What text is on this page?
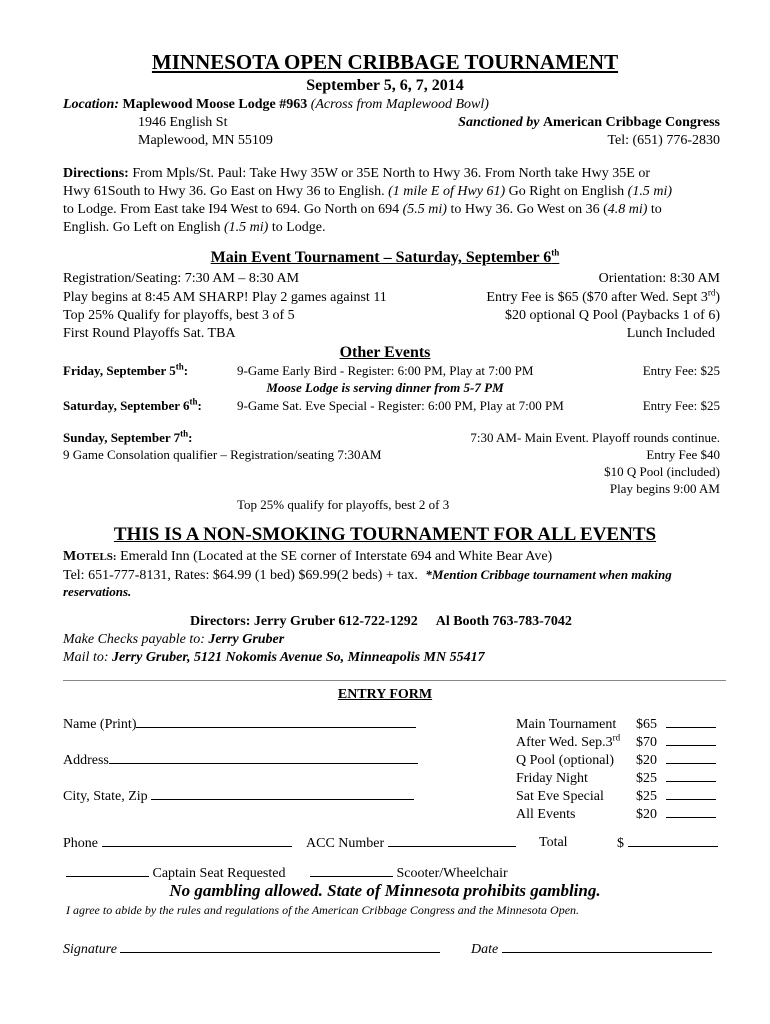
MINNESOTA OPEN CRIBBAGE TOURNAMENT
September 5, 6, 7, 2014
Location: Maplewood Moose Lodge #963 (Across from Maplewood Bowl)
1946 English St	Sanctioned by American Cribbage Congress
Maplewood, MN 55109	Tel: (651) 776-2830
Directions: From Mpls/St. Paul: Take Hwy 35W or 35E North to Hwy 36. From North take Hwy 35E or
Hwy 61South to Hwy 36. Go East on Hwy 36 to English. (1 mile E of Hwy 61) Go Right on English (1.5 mi)
to Lodge. From East take I94 West to 694. Go North on 694 (5.5 mi) to Hwy 36. Go West on 36 (4.8 mi) to
English. Go Left on English (1.5 mi) to Lodge.
Main Event Tournament – Saturday, September 6th
Registration/Seating: 7:30 AM – 8:30 AM	Orientation: 8:30 AM
Play begins at 8:45 AM SHARP! Play 2 games against 11	Entry Fee is $65 ($70 after Wed. Sept 3rd)
Top 25% Qualify for playoffs, best 3 of 5	$20 optional Q Pool (Paybacks 1 of 6)
First Round Playoffs Sat. TBA	Lunch Included
Other Events
Friday, September 5th:	9-Game Early Bird - Register: 6:00 PM, Play at 7:00 PM	Entry Fee: $25
Moose Lodge is serving dinner from 5-7 PM
Saturday, September 6th:	9-Game Sat. Eve Special - Register: 6:00 PM, Play at 7:00 PM	Entry Fee: $25
Sunday, September 7th:	7:30 AM- Main Event. Playoff rounds continue.
9 Game Consolation qualifier – Registration/seating 7:30AM	Entry Fee $40
$10 Q Pool (included)
Play begins 9:00 AM
Top 25% qualify for playoffs, best 2 of 3
THIS IS A NON-SMOKING TOURNAMENT FOR ALL EVENTS
MOTELS: Emerald Inn (Located at the SE corner of Interstate 694 and White Bear Ave)
Tel: 651-777-8131, Rates: $64.99 (1 bed) $69.99(2 beds) + tax. *Mention Cribbage tournament when making
reservations.
Directors: Jerry Gruber 612-722-1292 Al Booth 763-783-7042
Make Checks payable to: Jerry Gruber
Mail to: Jerry Gruber, 5121 Nokomis Avenue So, Minneapolis MN 55417
ENTRY FORM
Name (Print)
Address
City, State, Zip
Main Tournament $65
After Wed. Sep.3rd $70
Q Pool (optional) $20
Friday Night	$25
Sat Eve Special $25
All Events	$20
Phone	ACC Number	Total	$
Captain Seat Requested	Scooter/Wheelchair
No gambling allowed. State of Minnesota prohibits gambling.
I agree to abide by the rules and regulations of the American Cribbage Congress and the Minnesota Open.
Signature	Date
